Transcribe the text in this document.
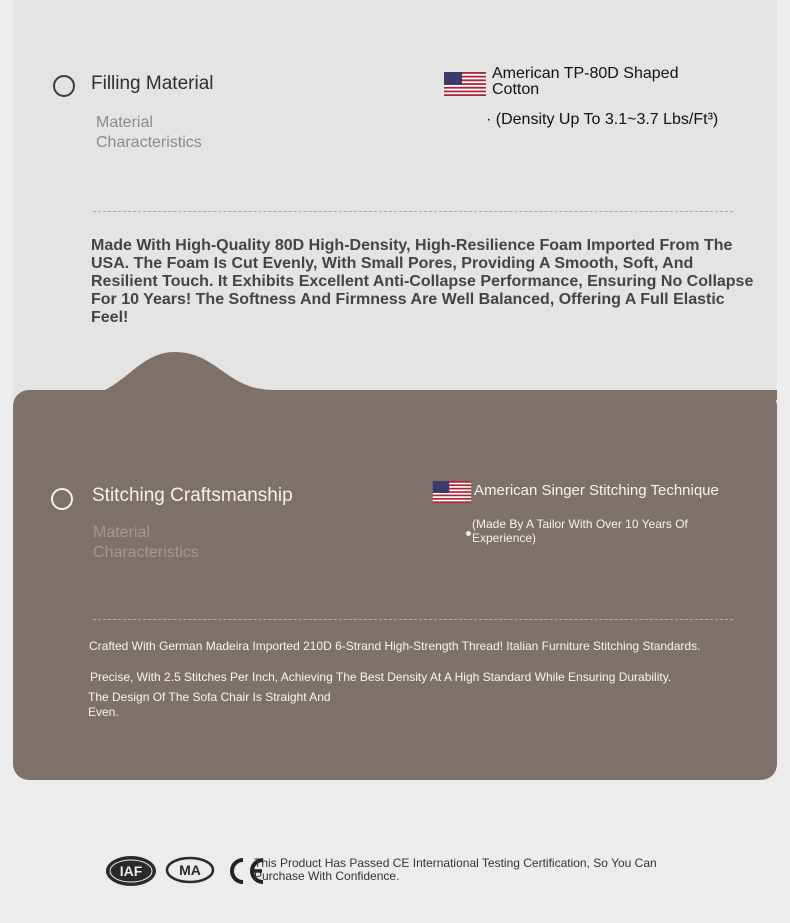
Filling Material
Material Characteristics
American TP-80D Shaped Cotton
· (Density Up To 3.1~3.7 Lbs/Ft³)
Made With High-Quality 80D High-Density, High-Resilience Foam Imported From The USA. The Foam Is Cut Evenly, With Small Pores, Providing A Smooth, Soft, And Resilient Touch. It Exhibits Excellent Anti-Collapse Performance, Ensuring No Collapse For 10 Years! The Softness And Firmness Are Well Balanced, Offering A Full Elastic Feel!
Stitching Craftsmanship
Material Characteristics
American Singer Stitching Technique
(Made By A Tailor With Over 10 Years Of Experience)
Crafted With German Madeira Imported 210D 6-Strand High-Strength Thread! Italian Furniture Stitching Standards.
Precise, With 2.5 Stitches Per Inch, Achieving The Best Density At A High Standard While Ensuring Durability.
The Design Of The Sofa Chair Is Straight And Even.
IAF	MA	This Product Has Passed CE International Testing Certification, So You Can Purchase With Confidence.
